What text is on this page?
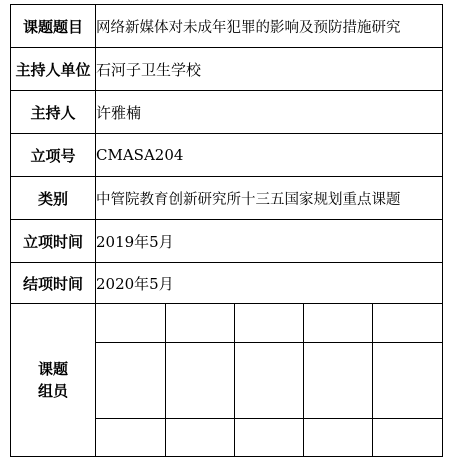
课题题目	网络新媒体对未成年犯罪的影响及预防措施研究
主持人单位	石河子卫生学校
主持人	许雅楠
立项号	CMASA204
类别	中管院教育创新研究所十三五国家规划重点课题
立项时间	2019年5月
结项时间	2020年5月

课题
组员
